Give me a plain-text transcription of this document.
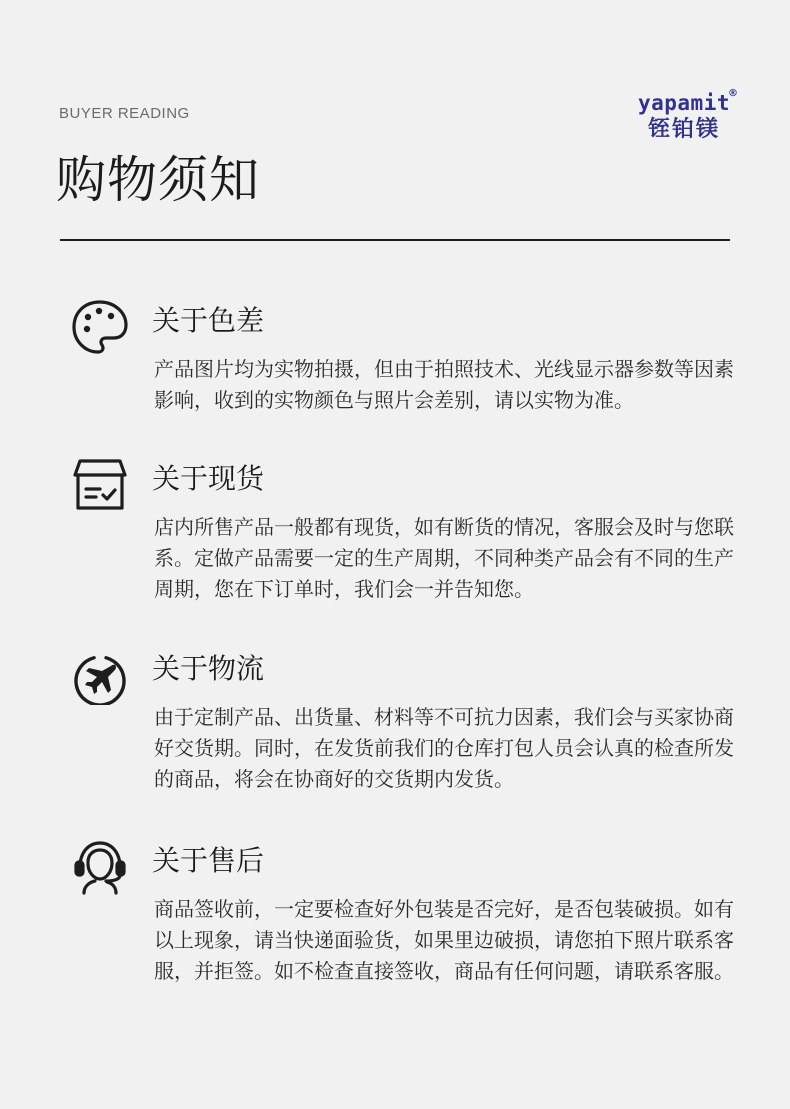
BUYER READING
购物须知
yapamit
铚铂镁
®
关于色差

产品图片均为实物拍摄，但由于拍照技术、光线显示器参数等因素影响，收到的实物颜色与照片会差别，请以实物为准。

关于现货

店内所售产品一般都有现货，如有断货的情况，客服会及时与您联系。定做产品需要一定的生产周期，不同种类产品会有不同的生产周期，您在下订单时，我们会一并告知您。

关于物流

由于定制产品、出货量、材料等不可抗力因素，我们会与买家协商好交货期。同时，在发货前我们的仓库打包人员会认真的检查所发的商品，将会在协商好的交货期内发货。

关于售后

商品签收前，一定要检查好外包装是否完好，是否包装破损。如有以上现象，请当快递面验货，如果里边破损，请您拍下照片联系客服，并拒签。如不检查直接签收，商品有任何问题，请联系客服。
